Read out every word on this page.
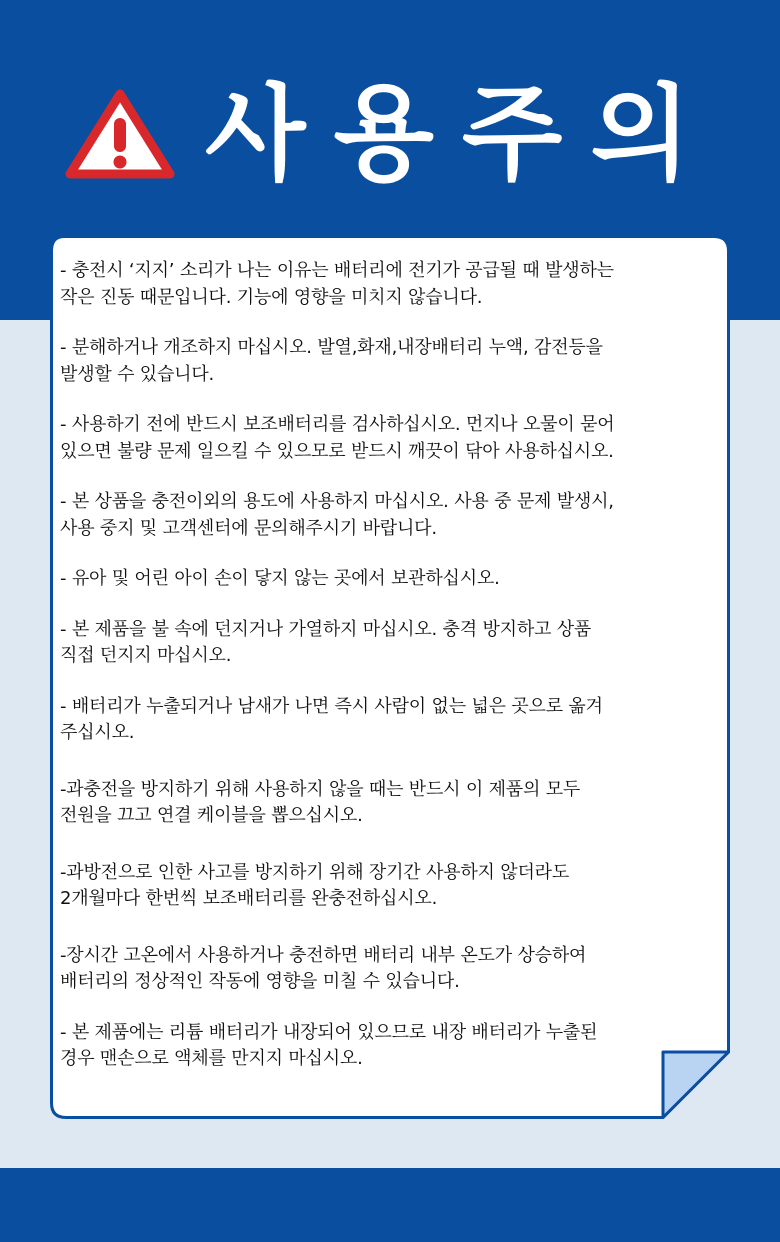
사용주의
- 충전시 ‘지지’ 소리가 나는 이유는 배터리에 전기가 공급될 때 발생하는
작은 진동 때문입니다. 기능에 영향을 미치지 않습니다.
- 분해하거나 개조하지 마십시오. 발열,화재,내장배터리 누액, 감전등을
발생할 수 있습니다.
- 사용하기 전에 반드시 보조배터리를 검사하십시오. 먼지나 오물이 묻어
있으면 불량 문제 일으킬 수 있으모로 받드시 깨끗이 닦아 사용하십시오.
- 본 상품을 충전이외의 용도에 사용하지 마십시오. 사용 중 문제 발생시,
사용 중지 및 고객센터에 문의해주시기 바랍니다.
- 유아 및 어린 아이 손이 닿지 않는 곳에서 보관하십시오.
- 본 제품을 불 속에 던지거나 가열하지 마십시오. 충격 방지하고 상품
직접 던지지 마십시오.
- 배터리가 누출되거나 남새가 나면 즉시 사람이 없는 넓은 곳으로 옮겨
주십시오.
-과충전을 방지하기 위해 사용하지 않을 때는 반드시 이 제품의 모두
전원을 끄고 연결 케이블을 뽑으십시오.
-과방전으로 인한 사고를 방지하기 위해 장기간 사용하지 않더라도
2개월마다 한번씩 보조배터리를 완충전하십시오.
-장시간 고온에서 사용하거나 충전하면 배터리 내부 온도가 상승하여
배터리의 정상적인 작동에 영향을 미칠 수 있습니다.
- 본 제품에는 리튬 배터리가 내장되어 있으므로 내장 배터리가 누출된
경우 맨손으로 액체를 만지지 마십시오.
